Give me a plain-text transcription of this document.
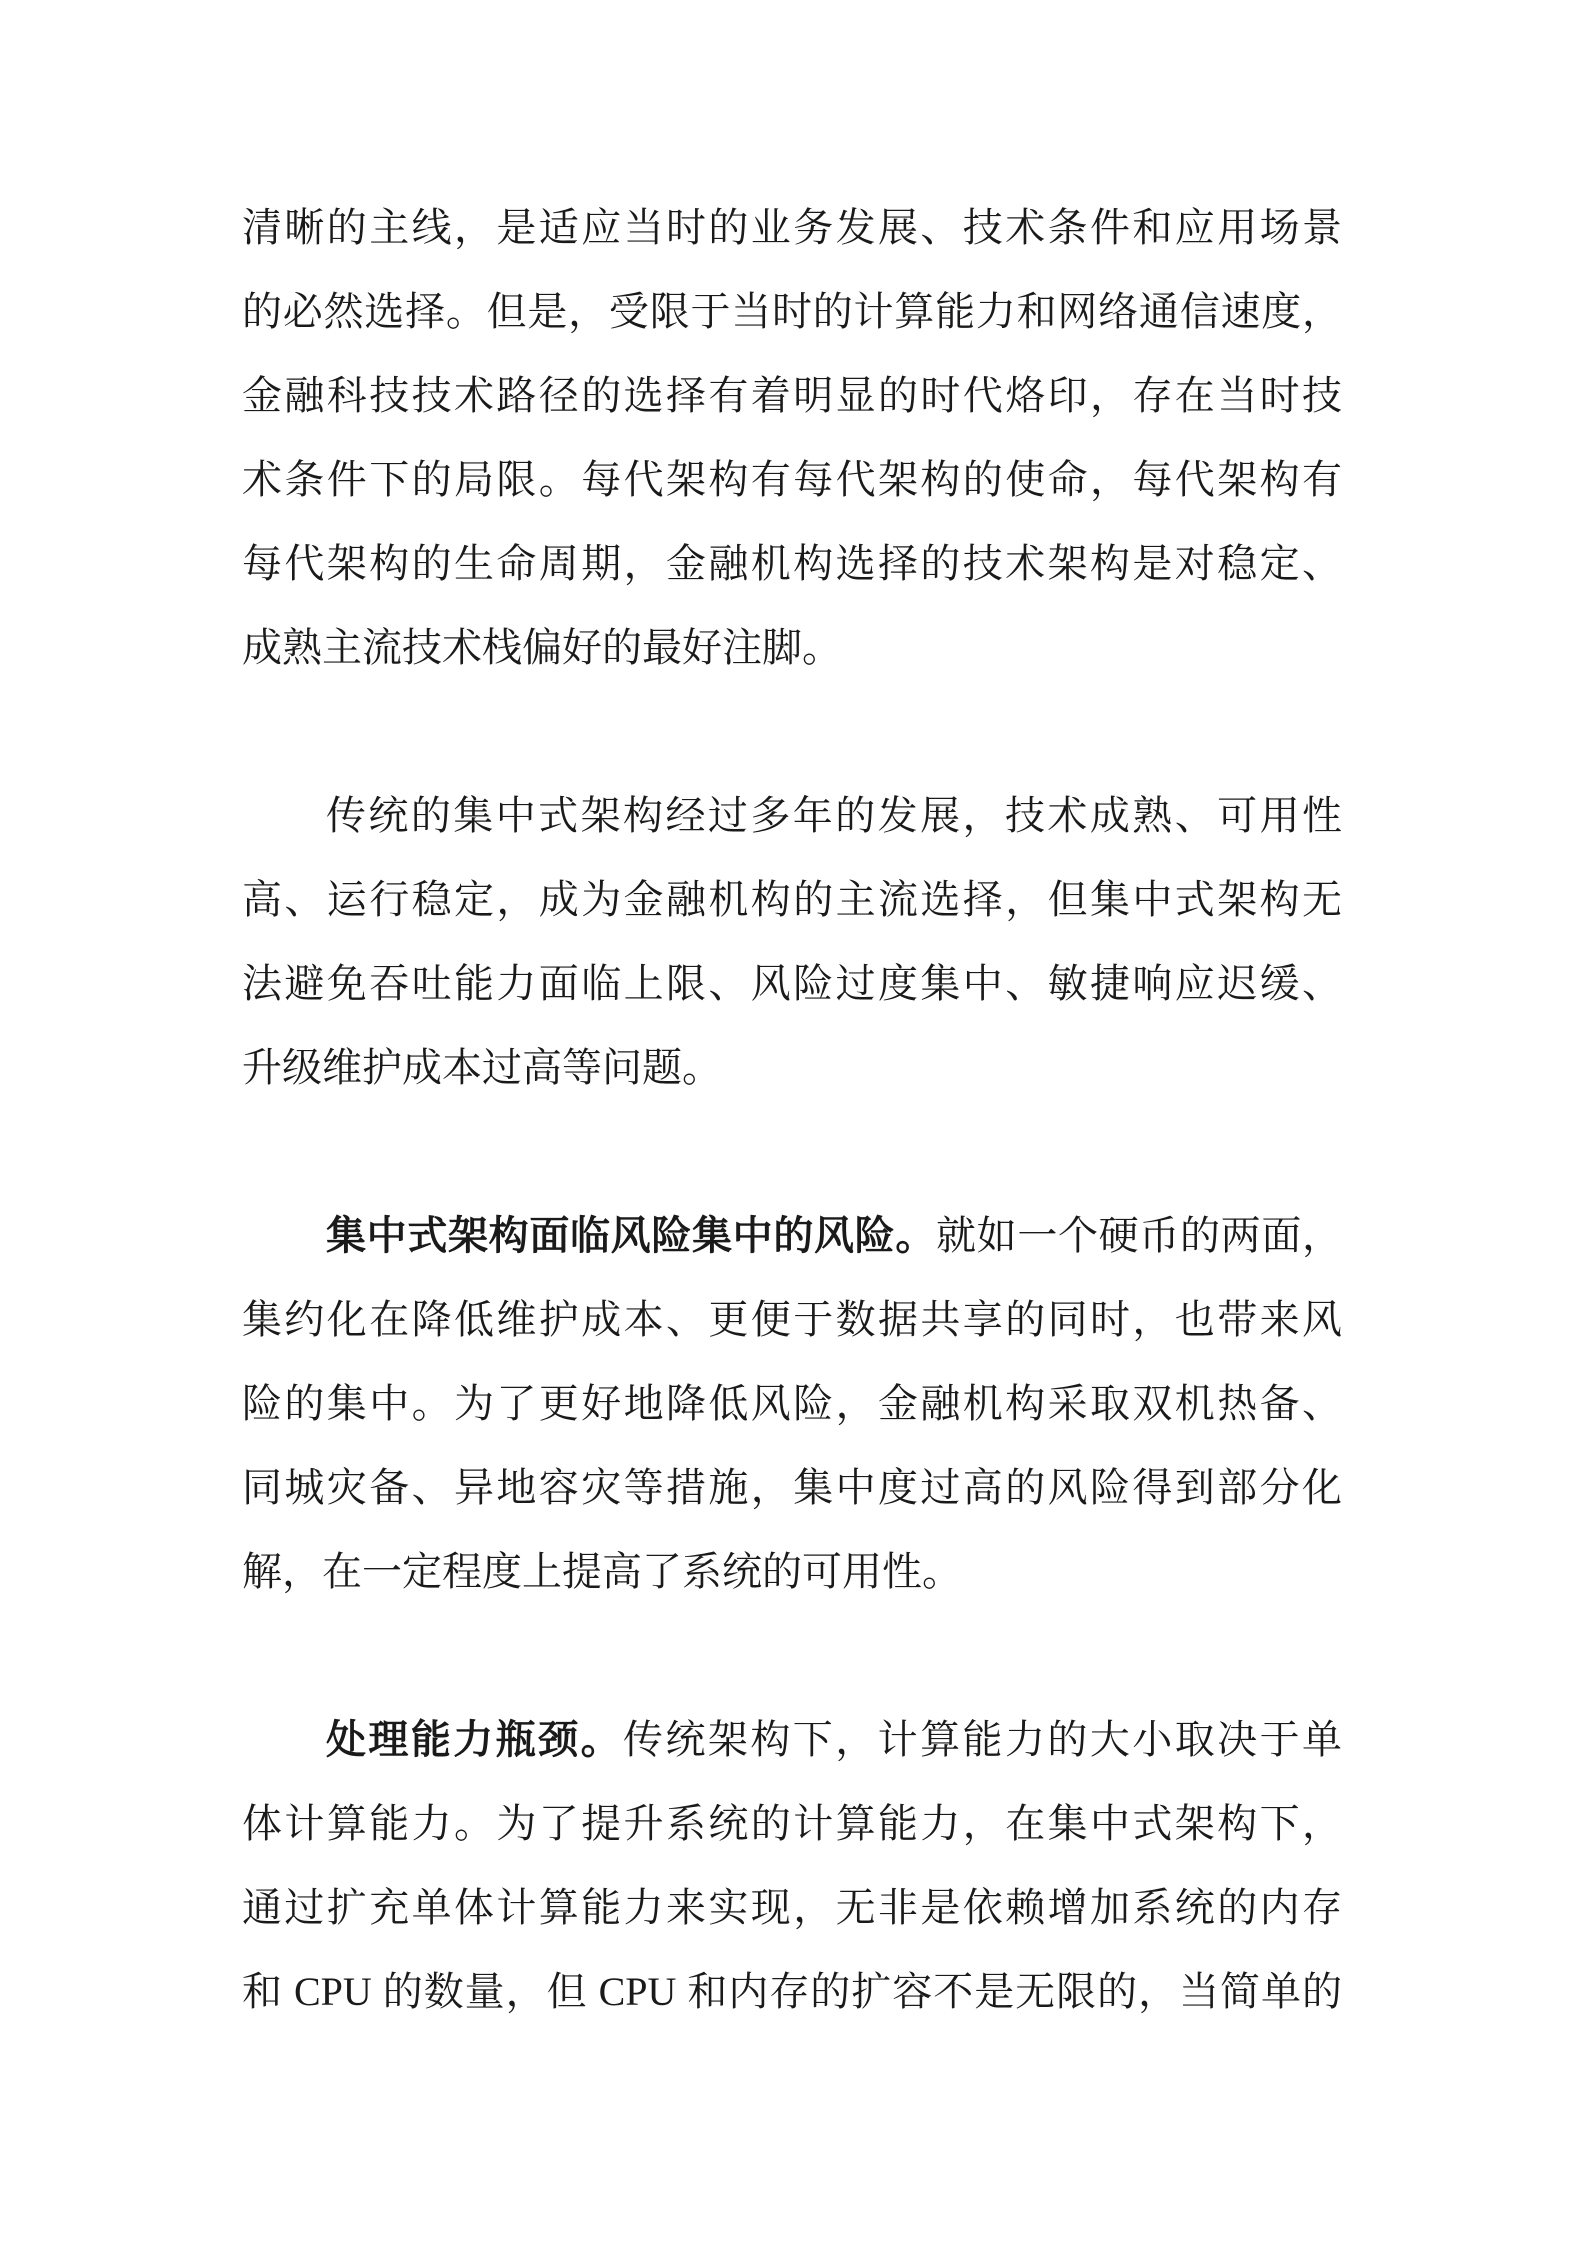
清晰的主线，是适应当时的业务发展、技术条件和应用场景
的必然选择。但是，受限于当时的计算能力和网络通信速度，
金融科技技术路径的选择有着明显的时代烙印，存在当时技
术条件下的局限。每代架构有每代架构的使命，每代架构有
每代架构的生命周期，金融机构选择的技术架构是对稳定、
成熟主流技术栈偏好的最好注脚。
传统的集中式架构经过多年的发展，技术成熟、可用性
高、运行稳定，成为金融机构的主流选择，但集中式架构无
法避免吞吐能力面临上限、风险过度集中、敏捷响应迟缓、
升级维护成本过高等问题。
集中式架构面临风险集中的风险。就如一个硬币的两面，
集约化在降低维护成本、更便于数据共享的同时，也带来风
险的集中。为了更好地降低风险，金融机构采取双机热备、
同城灾备、异地容灾等措施，集中度过高的风险得到部分化
解，在一定程度上提高了系统的可用性。
处理能力瓶颈。传统架构下，计算能力的大小取决于单
体计算能力。为了提升系统的计算能力，在集中式架构下，
通过扩充单体计算能力来实现，无非是依赖增加系统的内存
和 CPU 的数量，但 CPU 和内存的扩容不是无限的，当简单的
